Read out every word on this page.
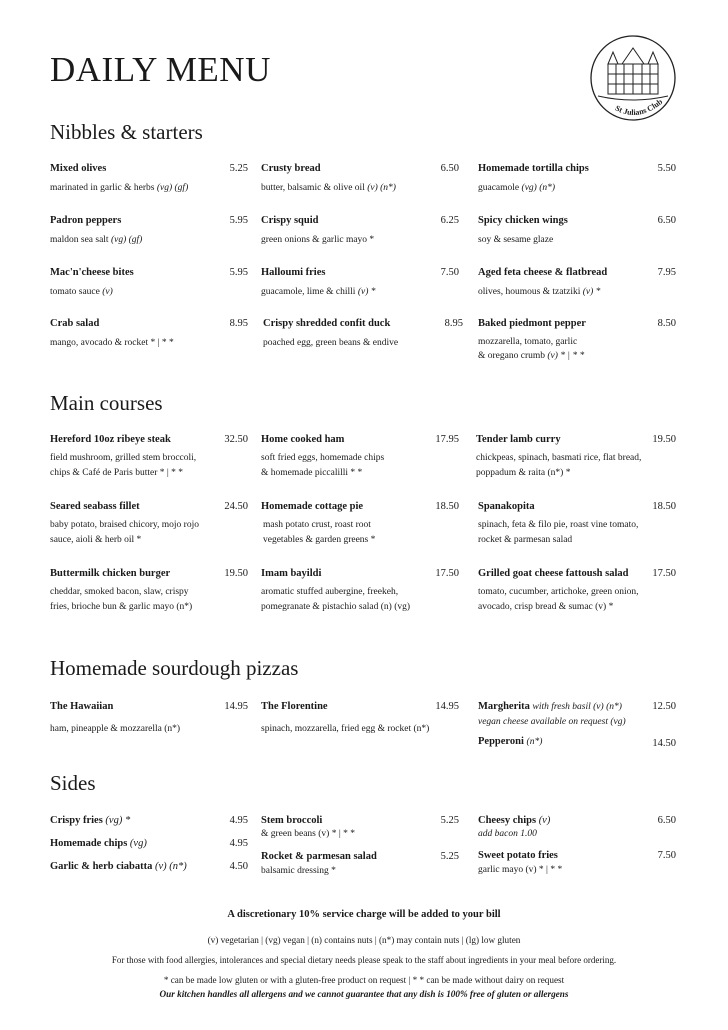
DAILY MENU
St Julians Club
Nibbles & starters
Main courses
Homemade sourdough pizzas
Sides
Mixed olives	5.25
marinated in garlic & herbs (vg) (gf)
Crusty bread	6.50
butter, balsamic & olive oil (v) (n*)
Homemade tortilla chips	5.50
guacamole (vg) (n*)
Padron peppers	5.95
maldon sea salt (vg) (gf)
Crispy squid	6.25
green onions & garlic mayo *
Spicy chicken wings	6.50
soy & sesame glaze
Mac'n'cheese bites	5.95
tomato sauce (v)
Halloumi fries	7.50
guacamole, lime & chilli (v) *
Aged feta cheese & flatbread	7.95
olives, houmous & tzatziki (v) *
Crab salad	8.95
mango, avocado & rocket * | * *
Crispy shredded confit duck	8.95
poached egg, green beans & endive
Baked piedmont pepper	8.50
mozzarella, tomato, garlic
& oregano crumb (v) * | * *
Hereford 10oz ribeye steak	32.50
field mushroom, grilled stem broccoli,
chips & Café de Paris butter * | * *
Home cooked ham	17.95
soft fried eggs, homemade chips
& homemade piccalilli * *
Tender lamb curry	19.50
chickpeas, spinach, basmati rice, flat bread,
poppadum & raita (n*) *
Seared seabass fillet	24.50
baby potato, braised chicory, mojo rojo
sauce, aioli & herb oil *
Homemade cottage pie	18.50
mash potato crust, roast root
vegetables & garden greens *
Spanakopita	18.50
spinach, feta & filo pie, roast vine tomato,
rocket & parmesan salad
Buttermilk chicken burger	19.50
cheddar, smoked bacon, slaw, crispy
fries, brioche bun & garlic mayo (n*)
Imam bayildi	17.50
aromatic stuffed aubergine, freekeh,
pomegranate & pistachio salad (n) (vg)
Grilled goat cheese fattoush salad	17.50
tomato, cucumber, artichoke, green onion,
avocado, crisp bread & sumac (v) *
The Hawaiian	14.95
ham, pineapple & mozzarella (n*)
The Florentine	14.95
spinach, mozzarella, fried egg & rocket (n*)
Margherita with fresh basil (v) (n*)	12.50
vegan cheese available on request (vg)
Pepperoni (n*)	14.50
Crispy fries (vg) *	4.95
Homemade chips (vg)	4.95
Garlic & herb ciabatta (v) (n*)	4.50
Stem broccoli	5.25
& green beans (v) * | * *
Rocket & parmesan salad	5.25
balsamic dressing *
Cheesy chips (v)	6.50
add bacon 1.00
Sweet potato fries	7.50
garlic mayo (v) * | * *
A discretionary 10% service charge will be added to your bill
(v) vegetarian | (vg) vegan | (n) contains nuts | (n*) may contain nuts | (lg) low gluten
For those with food allergies, intolerances and special dietary needs please speak to the staff about ingredients in your meal before ordering.
* can be made low gluten or with a gluten-free product on request | * * can be made without dairy on request
Our kitchen handles all allergens and we cannot guarantee that any dish is 100% free of gluten or allergens
